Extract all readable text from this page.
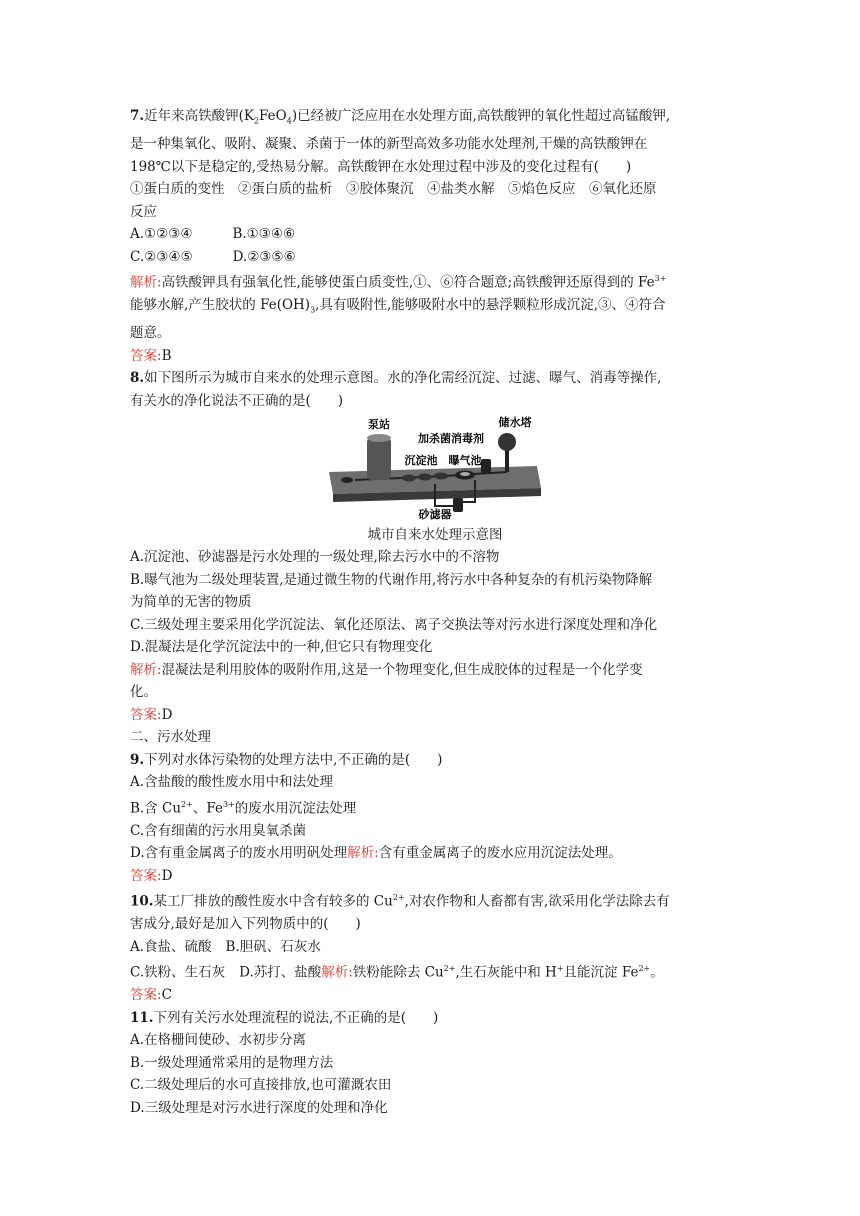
7.近年来高铁酸钾$(K_2FeO_4)$已经被广泛应用在水处理方面,高铁酸钾的氧化性超过高锰酸钾,
是一种集氧化、吸附、凝聚、杀菌于一体的新型高效多功能水处理剂,干燥的高铁酸钾在
198℃以下是稳定的,受热易分解。高铁酸钾在水处理过程中涉及的变化过程有(　　)
①蛋白质的变性　②蛋白质的盐析　③胶体聚沉　④盐类水解　⑤焰色反应　⑥氧化还原
反应
A.①②③④	B.①③④⑥
C.②③④⑤	D.②③⑤⑥
解析:高铁酸钾具有强氧化性,能够使蛋白质变性,①、⑥符合题意;高铁酸钾还原得到的 $Fe^{3+}$
能够水解,产生胶状的 $Fe(OH)_3$,具有吸附性,能够吸附水中的悬浮颗粒形成沉淀,③、④符合
题意。
答案:B
8.如下图所示为城市自来水的处理示意图。水的净化需经沉淀、过滤、曝气、消毒等操作,
有关水的净化说法不正确的是(　　)
泵站	储水塔
加杀菌消毒剂
沉淀池 曝气池
砂滤器
城市自来水处理示意图
A.沉淀池、砂滤器是污水处理的一级处理,除去污水中的不溶物
B.曝气池为二级处理装置,是通过微生物的代谢作用,将污水中各种复杂的有机污染物降解
为简单的无害的物质
C.三级处理主要采用化学沉淀法、氧化还原法、离子交换法等对污水进行深度处理和净化
D.混凝法是化学沉淀法中的一种,但它只有物理变化
解析:混凝法是利用胶体的吸附作用,这是一个物理变化,但生成胶体的过程是一个化学变
化。
答案:D
二、污水处理
9.下列对水体污染物的处理方法中,不正确的是(　　)
A.含盐酸的酸性废水用中和法处理
B.含 $Cu^{2+}$、$Fe^{3+}$的废水用沉淀法处理
C.含有细菌的污水用臭氧杀菌
D.含有重金属离子的废水用明矾处理解析:含有重金属离子的废水应用沉淀法处理。
答案:D
10.某工厂排放的酸性废水中含有较多的 $Cu^{2+}$,对农作物和人畜都有害,欲采用化学法除去有
害成分,最好是加入下列物质中的(　　)
A.食盐、硫酸 B.胆矾、石灰水
C.铁粉、生石灰 D.苏打、盐酸解析:铁粉能除去 $Cu^{2+}$,生石灰能中和 H+且能沉淀 $Fe^{2+}$。
答案:C
11.下列有关污水处理流程的说法,不正确的是(　　)
A.在格栅间使砂、水初步分离
B.一级处理通常采用的是物理方法
C.二级处理后的水可直接排放,也可灌溉农田
D.三级处理是对污水进行深度的处理和净化
